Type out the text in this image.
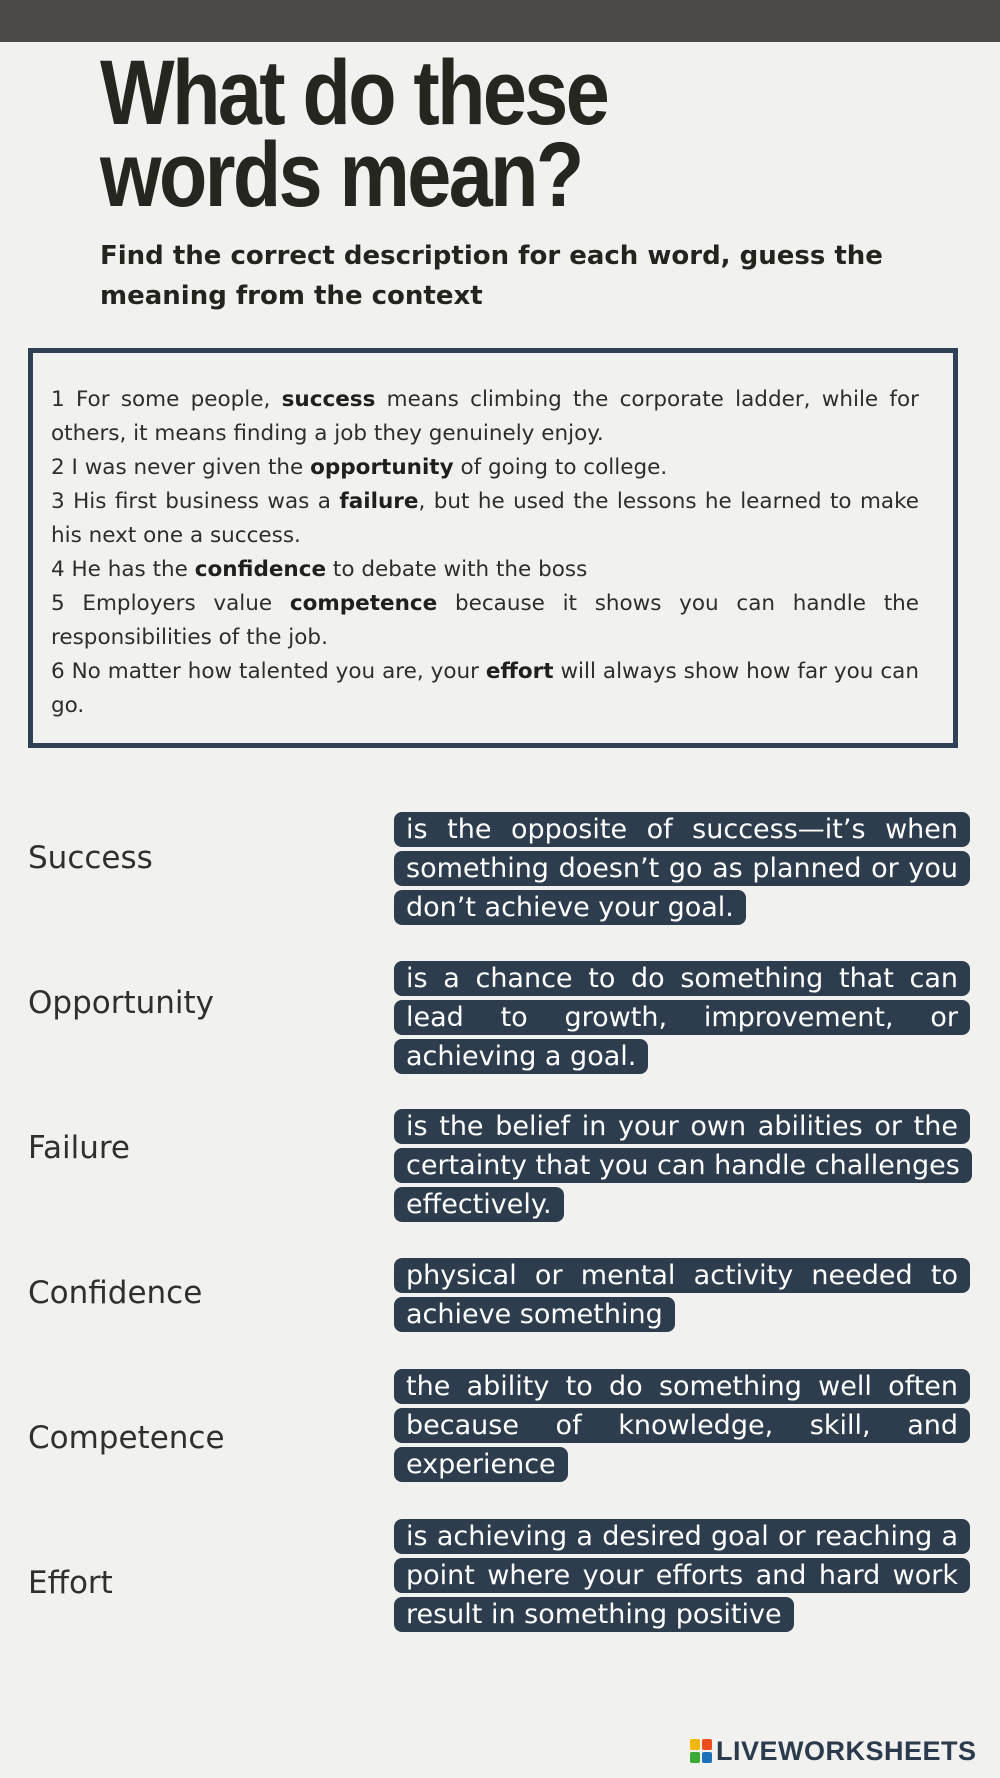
What do these words mean?
Find the correct description for each word, guess the meaning from the context

1 For some people, success means climbing the corporate ladder, while for others, it means finding a job they genuinely enjoy.

2 I was never given the opportunity of going to college.

3 His first business was a failure, but he used the lessons he learned to make his next one a success.

4 He has the confidence to debate with the boss

5 Employers value competence because it shows you can handle the responsibilities of the job.

6 No matter how talented you are, your effort will always show how far you can go.

Success
Opportunity
Failure
Confidence
Competence
Effort
is the opposite of success—it’s when something doesn’t go as planned or you don’t achieve your goal.
is a chance to do something that can lead to growth, improvement, or achieving a goal.
is the belief in your own abilities or the certainty that you can handle challenges effectively.
physical or mental activity needed to achieve something
the ability to do something well often because of knowledge, skill, and experience
is achieving a desired goal or reaching a point where your efforts and hard work result in something positive
LIVEWORKSHEETS
